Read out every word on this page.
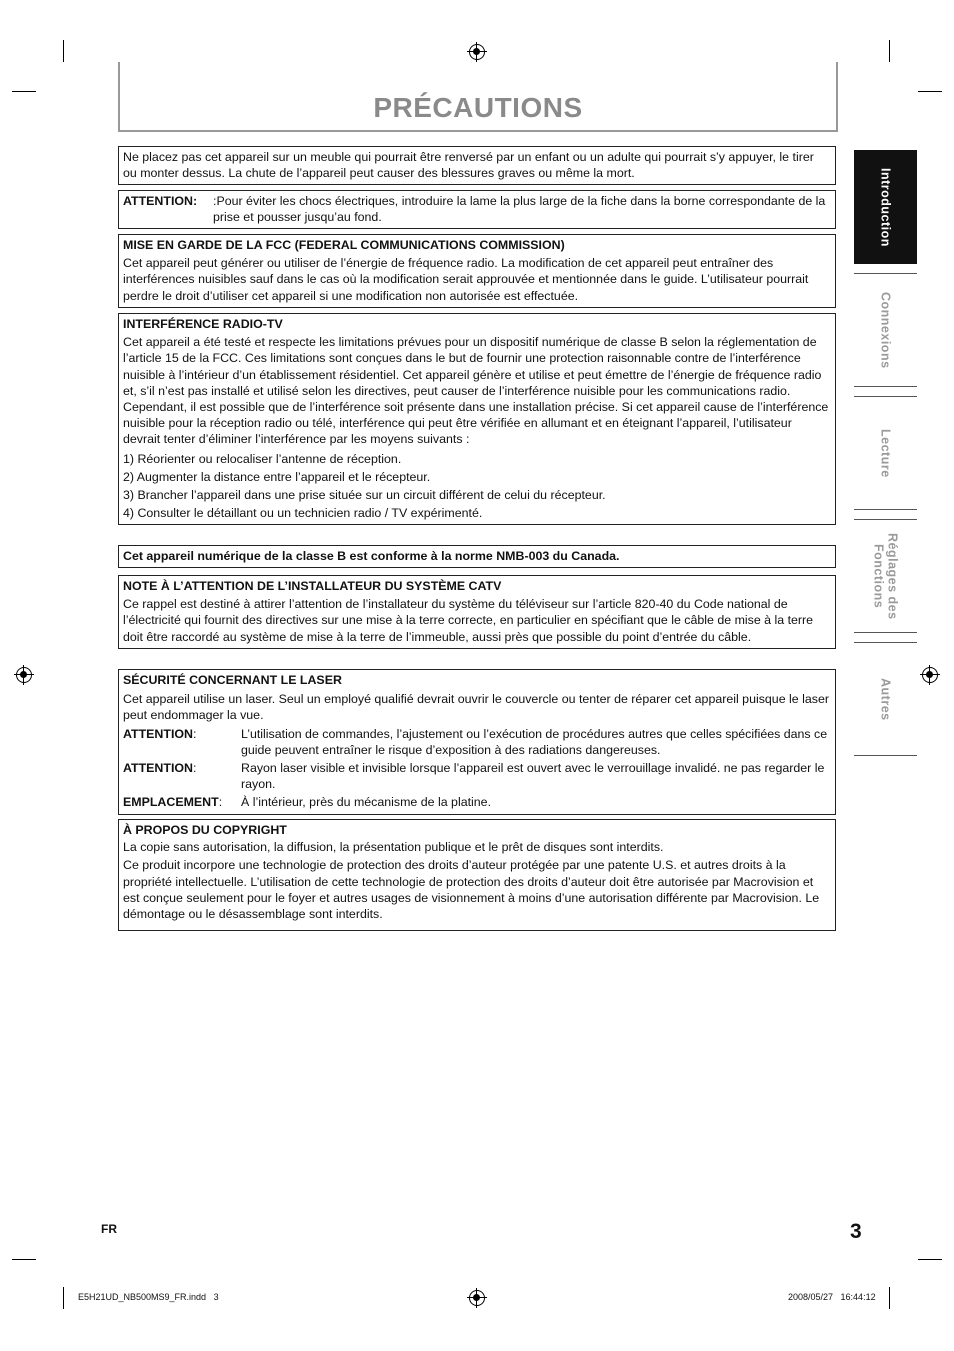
PRÉCAUTIONS

Ne placez pas cet appareil sur un meuble qui pourrait être renversé par un enfant ou un adulte qui pourrait s’y appuyer, le tirer ou monter dessus. La chute de l’appareil peut causer des blessures graves ou même la mort.

ATTENTION:	:Pour éviter les chocs électriques, introduire la lame la plus large de la fiche dans la borne correspondante de la prise et pousser jusqu’au fond.

MISE EN GARDE DE LA FCC (FEDERAL COMMUNICATIONS COMMISSION)

Cet appareil peut générer ou utiliser de l’énergie de fréquence radio. La modification de cet appareil peut entraîner des interférences nuisibles sauf dans le cas où la modification serait approuvée et mentionnée dans le guide. L’utilisateur pourrait perdre le droit d’utiliser cet appareil si une modification non autorisée est effectuée.

INTERFÉRENCE RADIO-TV

Cet appareil a été testé et respecte les limitations prévues pour un dispositif numérique de classe B selon la réglementation de l’article 15 de la FCC. Ces limitations sont conçues dans le but de fournir une protection raisonnable contre de l’interférence nuisible à l’intérieur d’un établissement résidentiel. Cet appareil génère et utilise et peut émettre de l’énergie de fréquence radio et, s’il n’est pas installé et utilisé selon les directives, peut causer de l’interférence nuisible pour les communications radio. Cependant, il est possible que de l’interférence soit présente dans une installation précise. Si cet appareil cause de l’interférence nuisible pour la réception radio ou télé, interférence qui peut être vérifiée en allumant et en éteignant l’appareil, l’utilisateur devrait tenter d’éliminer l’interférence par les moyens suivants :

1) Réorienter ou relocaliser l’antenne de réception.

2) Augmenter la distance entre l’appareil et le récepteur.

3) Brancher l’appareil dans une prise située sur un circuit différent de celui du récepteur.

4) Consulter le détaillant ou un technicien radio / TV expérimenté.

Cet appareil numérique de la classe B est conforme à la norme NMB-003 du Canada.

NOTE À L’ATTENTION DE L’INSTALLATEUR DU SYSTÈME CATV

Ce rappel est destiné à attirer l’attention de l’installateur du système du téléviseur sur l’article 820-40 du Code national de l’électricité qui fournit des directives sur une mise à la terre correcte, en particulier en spécifiant que le câble de mise à la terre doit être raccordé au système de mise à la terre de l’immeuble, aussi près que possible du point d’entrée du câble.

SÉCURITÉ CONCERNANT LE LASER

Cet appareil utilise un laser. Seul un employé qualifié devrait ouvrir le couvercle ou tenter de réparer cet appareil puisque le laser peut endommager la vue.

ATTENTION:	L’utilisation de commandes, l’ajustement ou l’exécution de procédures autres que celles spécifiées dans ce guide peuvent entraîner le risque d’exposition à des radiations dangereuses.
ATTENTION:	Rayon laser visible et invisible lorsque l’appareil est ouvert avec le verrouillage invalidé. ne pas regarder le rayon.
EMPLACEMENT:	À l’intérieur, près du mécanisme de la platine.

À PROPOS DU COPYRIGHT

La copie sans autorisation, la diffusion, la présentation publique et le prêt de disques sont interdits.

Ce produit incorpore une technologie de protection des droits d’auteur protégée par une patente U.S. et autres droits à la propriété intellectuelle. L’utilisation de cette technologie de protection des droits d’auteur doit être autorisée par Macrovision et est conçue seulement pour le foyer et autres usages de visionnement à moins d’une autorisation différente par Macrovision. Le démontage ou le désassemblage sont interdits.

Introduction
Connexions
Lecture
Réglages des
Fonctions
Autres
FR	3
E5H21UD_NB500MS9_FR.indd   3	2008/05/27   16:44:12
